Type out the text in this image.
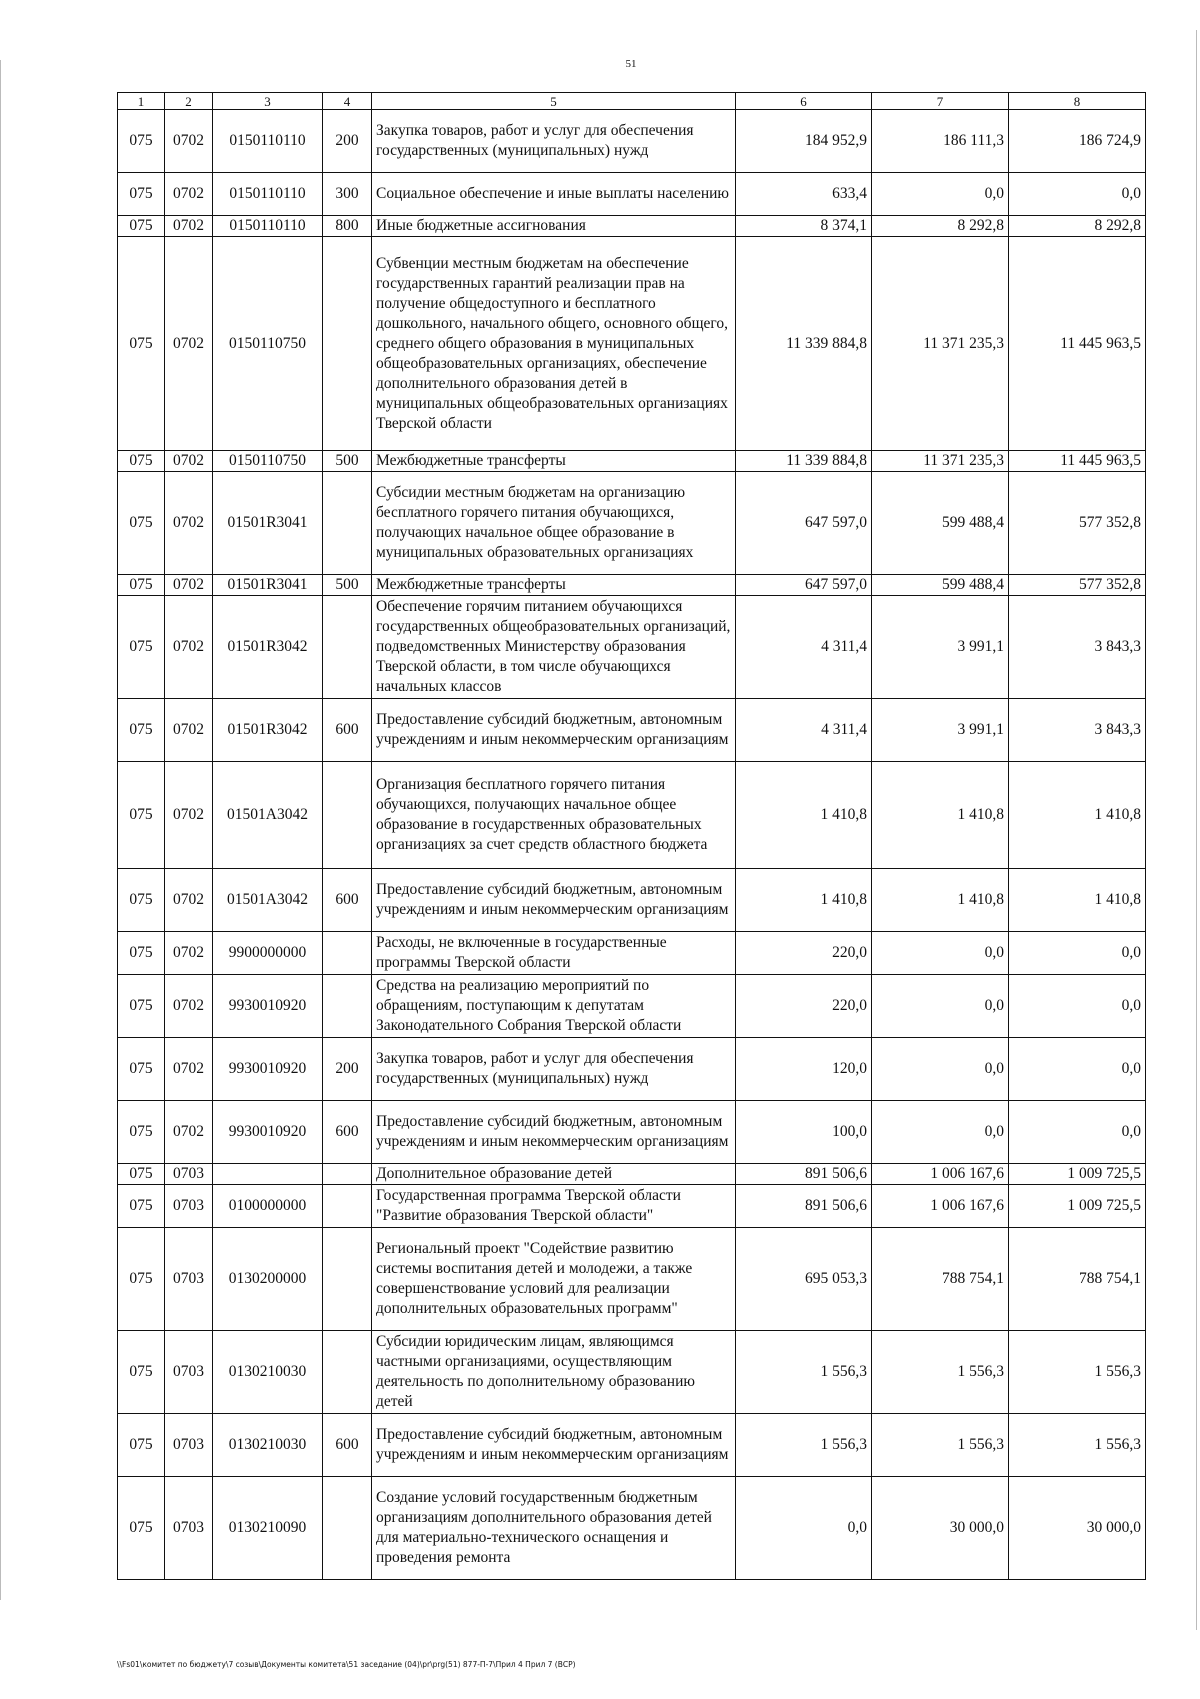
51
1	2	3	4	5	6	7	8
075	0702	0150110110	200	Закупка товаров, работ и услуг для обеспечения государственных (муниципальных) нужд	184 952,9	186 111,3	186 724,9
075	0702	0150110110	300	Социальное обеспечение и иные выплаты населению	633,4	0,0	0,0
075	0702	0150110110	800	Иные бюджетные ассигнования	8 374,1	8 292,8	8 292,8
075	0702	0150110750		Субвенции местным бюджетам на обеспечение государственных гарантий реализации прав на получение общедоступного и бесплатного дошкольного, начального общего, основного общего, среднего общего образования в муниципальных общеобразовательных организациях, обеспечение дополнительного образования детей в муниципальных общеобразовательных организациях Тверской области	11 339 884,8	11 371 235,3	11 445 963,5
075	0702	0150110750	500	Межбюджетные трансферты	11 339 884,8	11 371 235,3	11 445 963,5
075	0702	01501R3041		Субсидии местным бюджетам на организацию бесплатного горячего питания обучающихся, получающих начальное общее образование в муниципальных образовательных организациях	647 597,0	599 488,4	577 352,8
075	0702	01501R3041	500	Межбюджетные трансферты	647 597,0	599 488,4	577 352,8
075	0702	01501R3042		Обеспечение горячим питанием обучающихся государственных общеобразовательных организаций, подведомственных Министерству образования Тверской области, в том числе обучающихся начальных классов	4 311,4	3 991,1	3 843,3
075	0702	01501R3042	600	Предоставление субсидий бюджетным, автономным учреждениям и иным некоммерческим организациям	4 311,4	3 991,1	3 843,3
075	0702	01501A3042		Организация бесплатного горячего питания обучающихся, получающих начальное общее образование в государственных образовательных организациях за счет средств областного бюджета	1 410,8	1 410,8	1 410,8
075	0702	01501A3042	600	Предоставление субсидий бюджетным, автономным учреждениям и иным некоммерческим организациям	1 410,8	1 410,8	1 410,8
075	0702	9900000000		Расходы, не включенные в государственные программы Тверской области	220,0	0,0	0,0
075	0702	9930010920		Средства на реализацию мероприятий по обращениям, поступающим к депутатам Законодательного Собрания Тверской области	220,0	0,0	0,0
075	0702	9930010920	200	Закупка товаров, работ и услуг для обеспечения государственных (муниципальных) нужд	120,0	0,0	0,0
075	0702	9930010920	600	Предоставление субсидий бюджетным, автономным учреждениям и иным некоммерческим организациям	100,0	0,0	0,0
075	0703			Дополнительное образование детей	891 506,6	1 006 167,6	1 009 725,5
075	0703	0100000000		Государственная программа Тверской области "Развитие образования Тверской области"	891 506,6	1 006 167,6	1 009 725,5
075	0703	0130200000		Региональный проект "Содействие развитию системы воспитания детей и молодежи, а также совершенствование условий для реализации дополнительных образовательных программ"	695 053,3	788 754,1	788 754,1
075	0703	0130210030		Субсидии юридическим лицам, являющимся частными организациями, осуществляющим деятельность по дополнительному образованию детей	1 556,3	1 556,3	1 556,3
075	0703	0130210030	600	Предоставление субсидий бюджетным, автономным учреждениям и иным некоммерческим организациям	1 556,3	1 556,3	1 556,3
075	0703	0130210090		Создание условий государственным бюджетным организациям дополнительного образования детей для материально-технического оснащения и проведения ремонта	0,0	30 000,0	30 000,0
\\Fs01\комитет по бюджету\7 созыв\Документы комитета\51 заседание (04)\pr\prg(51) 877-П-7\Прил 4 Прил 7 (ВСР)
